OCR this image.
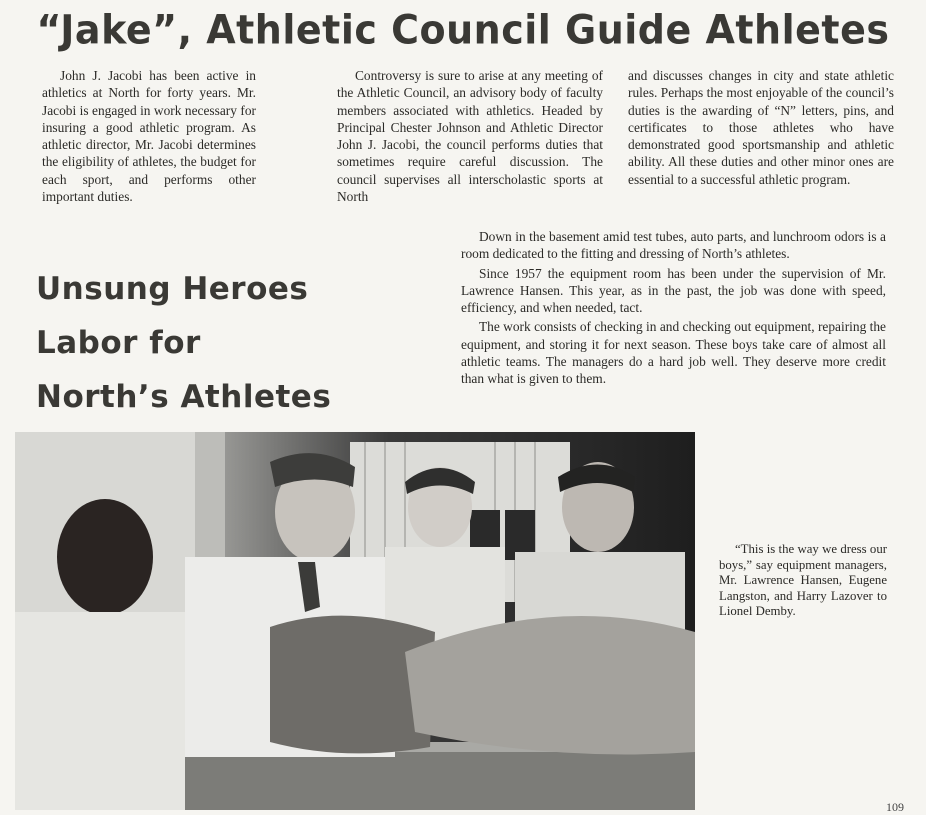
“Jake”, Athletic Council Guide Athletes

John J. Jacobi has been active in athletics at North for forty years. Mr. Jacobi is engaged in work necessary for insuring a good athletic program. As athletic director, Mr. Jacobi determines the eligibility of athletes, the budget for each sport, and performs other important duties.

Controversy is sure to arise at any meeting of the Athletic Council, an advisory body of faculty members associated with athletics. Headed by Principal Chester Johnson and Athletic Director John J. Jacobi, the council performs duties that sometimes require careful discussion. The council supervises all interscholastic sports at North

and discusses changes in city and state athletic rules. Perhaps the most enjoyable of the council’s duties is the awarding of “N” letters, pins, and certificates to those athletes who have demonstrated good sportsmanship and athletic ability. All these duties and other minor ones are essential to a successful athletic program.

Unsung Heroes
Labor for
North’s Athletes

Down in the basement amid test tubes, auto parts, and lunchroom odors is a room dedicated to the fitting and dressing of North’s athletes.

Since 1957 the equipment room has been under the supervision of Mr. Lawrence Hansen. This year, as in the past, the job was done with speed, efficiency, and when needed, tact.

The work consists of checking in and checking out equipment, repairing the equipment, and storing it for next season. These boys take care of almost all athletic teams. The managers do a hard job well. They deserve more credit than what is given to them.

“This is the way we dress our boys,” say equipment managers, Mr. Lawrence Hansen, Eugene Langston, and Harry Lazover to Lionel Demby.

109
